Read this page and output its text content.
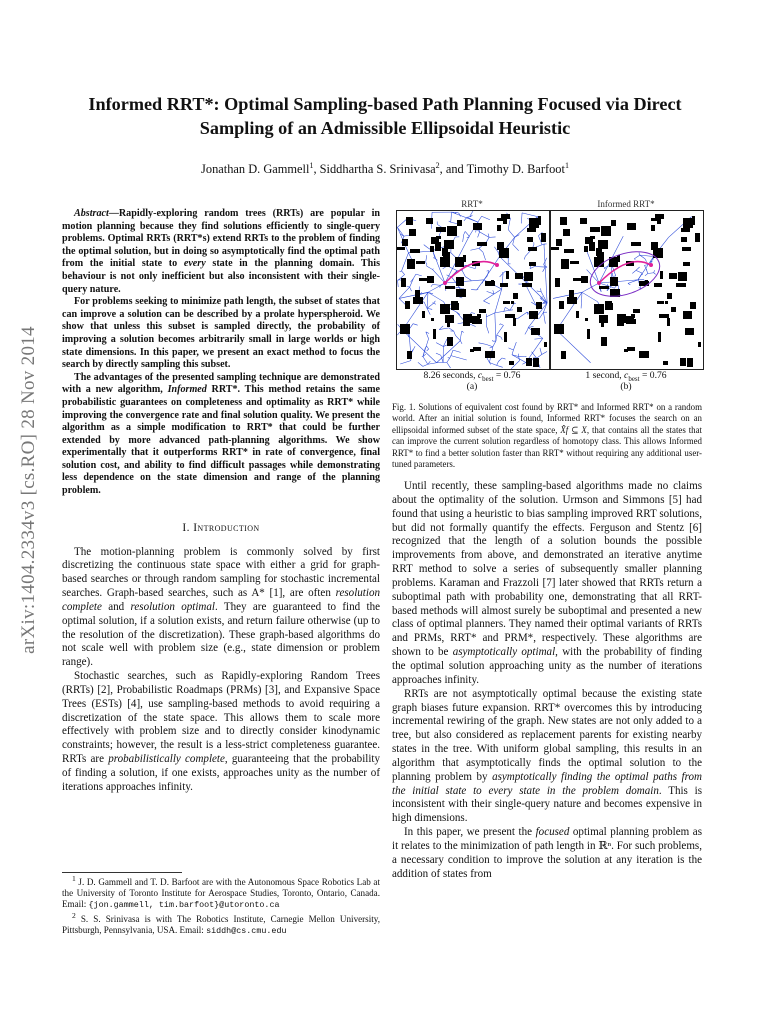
arXiv:1404.2334v3 [cs.RO] 28 Nov 2014
Informed RRT*: Optimal Sampling-based Path Planning Focused via Direct Sampling of an Admissible Ellipsoidal Heuristic
Jonathan D. Gammell$^1$, Siddhartha S. Srinivasa$^2$, and Timothy D. Barfoot$^1$

Abstract—Rapidly-exploring random trees (RRTs) are popular in motion planning because they find solutions efficiently to single-query problems. Optimal RRTs (RRT*s) extend RRTs to the problem of finding the optimal solution, but in doing so asymptotically find the optimal path from the initial state to every state in the planning domain. This behaviour is not only inefficient but also inconsistent with their single-query nature.

For problems seeking to minimize path length, the subset of states that can improve a solution can be described by a prolate hyperspheroid. We show that unless this subset is sampled directly, the probability of improving a solution becomes arbitrarily small in large worlds or high state dimensions. In this paper, we present an exact method to focus the search by directly sampling this subset.

The advantages of the presented sampling technique are demonstrated with a new algorithm, Informed RRT*. This method retains the same probabilistic guarantees on completeness and optimality as RRT* while improving the convergence rate and final solution quality. We present the algorithm as a simple modification to RRT* that could be further extended by more advanced path-planning algorithms. We show experimentally that it outperforms RRT* in rate of convergence, final solution cost, and ability to find difficult passages while demonstrating less dependence on the state dimension and range of the planning problem.

I. Introduction

The motion-planning problem is commonly solved by first discretizing the continuous state space with either a grid for graph-based searches or through random sampling for stochastic incremental searches. Graph-based searches, such as A* [1], are often resolution complete and resolution optimal. They are guaranteed to find the optimal solution, if a solution exists, and return failure otherwise (up to the resolution of the discretization). These graph-based algorithms do not scale well with problem size (e.g., state dimension or problem range).

Stochastic searches, such as Rapidly-exploring Random Trees (RRTs) [2], Probabilistic Roadmaps (PRMs) [3], and Expansive Space Trees (ESTs) [4], use sampling-based methods to avoid requiring a discretization of the state space. This allows them to scale more effectively with problem size and to directly consider kinodynamic constraints; however, the result is a less-strict completeness guarantee. RRTs are probabilistically complete, guaranteeing that the probability of finding a solution, if one exists, approaches unity as the number of iterations approaches infinity.

$^1$ J. D. Gammell and T. D. Barfoot are with the Autonomous Space Robotics Lab at the University of Toronto Institute for Aerospace Studies, Toronto, Ontario, Canada. Email: {jon.gammell, tim.barfoot}@utoronto.ca

$^2$ S. S. Srinivasa is with The Robotics Institute, Carnegie Mellon University, Pittsburgh, Pennsylvania, USA. Email: siddh@cs.cmu.edu

RRT*	Informed RRT*
8.26 seconds, $c_{best} = 0.76$
(a)
1 second, $c_{best} = 0.76$
(b)
Fig. 1. Solutions of equivalent cost found by RRT* and Informed RRT* on a random world. After an initial solution is found, Informed RRT* focuses the search on an ellipsoidal informed subset of the state space, X̂f ⊆ X, that contains all the states that can improve the current solution regardless of homotopy class. This allows Informed RRT* to find a better solution faster than RRT* without requiring any additional user-tuned parameters.

Until recently, these sampling-based algorithms made no claims about the optimality of the solution. Urmson and Simmons [5] had found that using a heuristic to bias sampling improved RRT solutions, but did not formally quantify the effects. Ferguson and Stentz [6] recognized that the length of a solution bounds the possible improvements from above, and demonstrated an iterative anytime RRT method to solve a series of subsequently smaller planning problems. Karaman and Frazzoli [7] later showed that RRTs return a suboptimal path with probability one, demonstrating that all RRT-based methods will almost surely be suboptimal and presented a new class of optimal planners. They named their optimal variants of RRTs and PRMs, RRT* and PRM*, respectively. These algorithms are shown to be asymptotically optimal, with the probability of finding the optimal solution approaching unity as the number of iterations approaches infinity.

RRTs are not asymptotically optimal because the existing state graph biases future expansion. RRT* overcomes this by introducing incremental rewiring of the graph. New states are not only added to a tree, but also considered as replacement parents for existing nearby states in the tree. With uniform global sampling, this results in an algorithm that asymptotically finds the optimal solution to the planning problem by asymptotically finding the optimal paths from the initial state to every state in the problem domain. This is inconsistent with their single-query nature and becomes expensive in high dimensions.

In this paper, we present the focused optimal planning problem as it relates to the minimization of path length in ℝⁿ. For such problems, a necessary condition to improve the solution at any iteration is the addition of states from
